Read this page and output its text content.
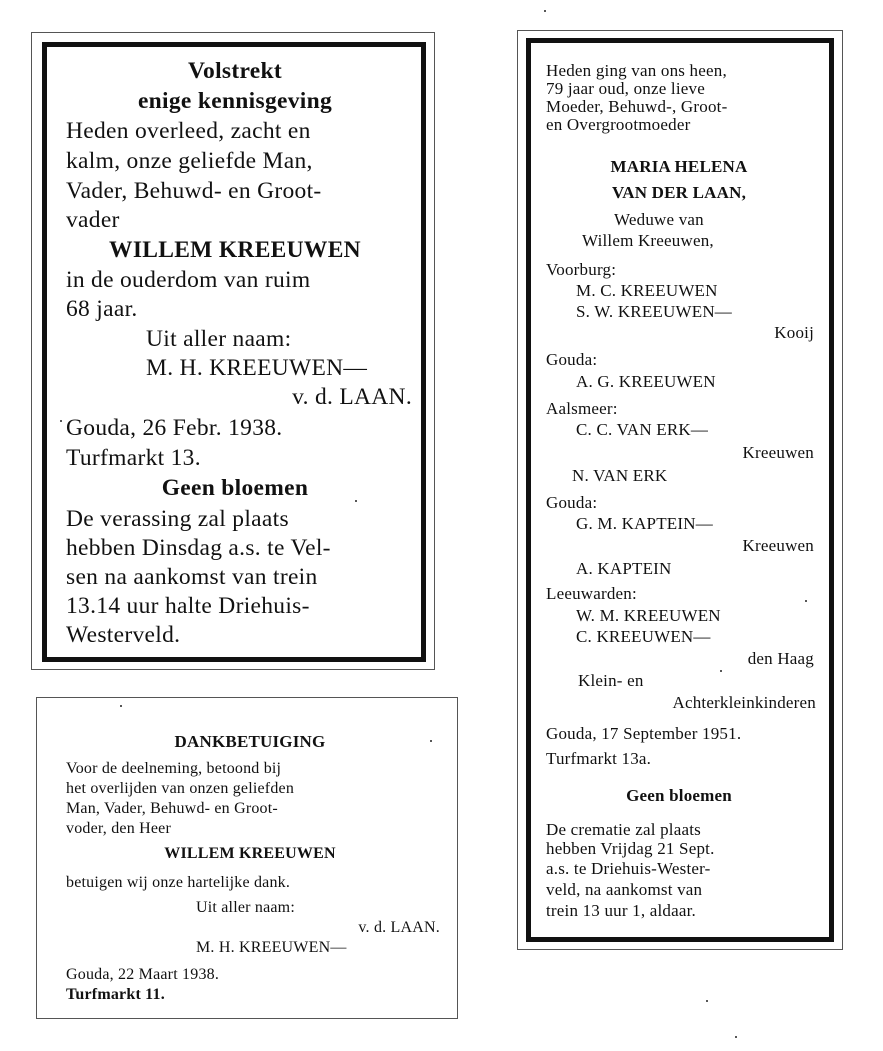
Volstrekt
enige kennisgeving
Heden overleed, zacht en
kalm, onze geliefde Man,
Vader, Behuwd- en Groot-
vader
WILLEM KREEUWEN
in de ouderdom van ruim
68 jaar.
Uit aller naam:
M. H. KREEUWEN—
v. d. LAAN.
Gouda, 26 Febr. 1938.
Turfmarkt 13.
Geen bloemen
De verassing zal plaats
hebben Dinsdag a.s. te Vel-
sen na aankomst van trein
13.14 uur halte Driehuis-
Westerveld.
DANKBETUIGING
Voor de deelneming, betoond bij
het overlijden van onzen geliefden
Man, Vader, Behuwd- en Groot-
voder, den Heer
WILLEM KREEUWEN
betuigen wij onze hartelijke dank.
Uit aller naam:
v. d. LAAN.
M. H. KREEUWEN—
Gouda, 22 Maart 1938.
Turfmarkt 11.
Heden ging van ons heen,
79 jaar oud, onze lieve
Moeder, Behuwd-, Groot-
en Overgrootmoeder
MARIA HELENA
VAN DER LAAN,
Weduwe van
Willem Kreeuwen,
Voorburg:
M. C. KREEUWEN
S. W. KREEUWEN—
Kooij
Gouda:
A. G. KREEUWEN
Aalsmeer:
C. C. VAN ERK—
Kreeuwen
N. VAN ERK
Gouda:
G. M. KAPTEIN—
Kreeuwen
A. KAPTEIN
Leeuwarden:
W. M. KREEUWEN
C. KREEUWEN—
den Haag
Klein- en
Achterkleinkinderen
Gouda, 17 September 1951.
Turfmarkt 13a.
Geen bloemen
De crematie zal plaats
hebben Vrijdag 21 Sept.
a.s. te Driehuis-Wester-
veld, na aankomst van
trein 13 uur 1, aldaar.
